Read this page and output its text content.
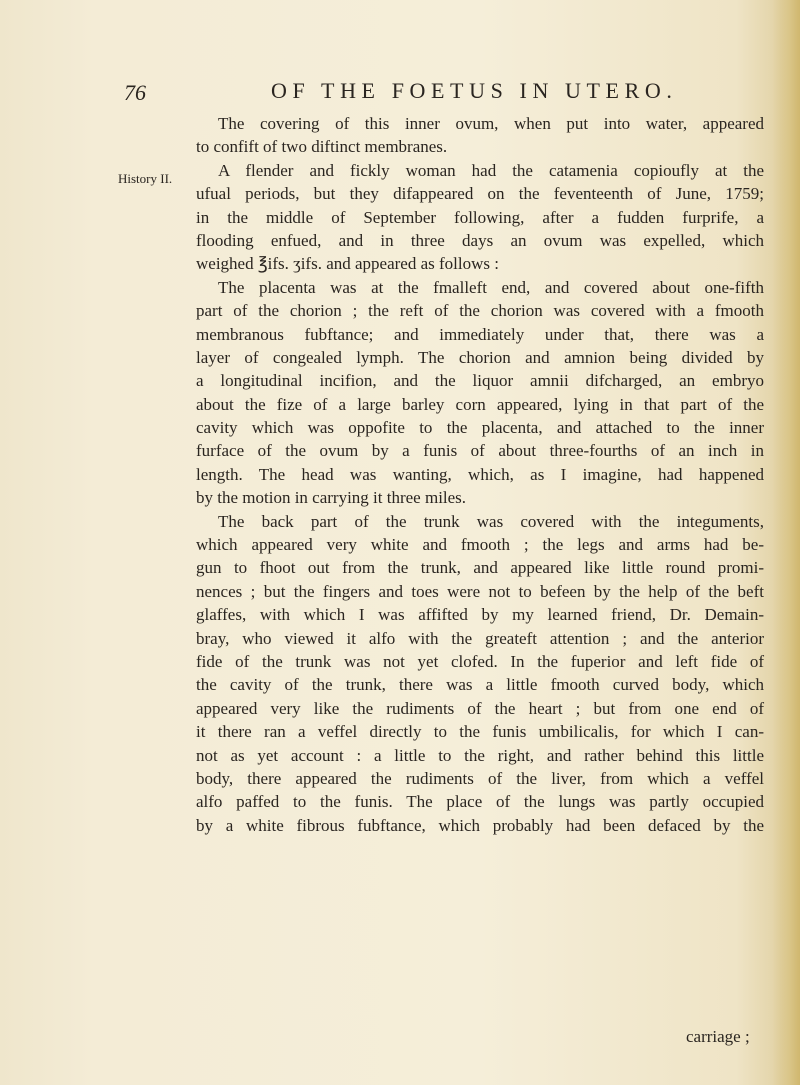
76	OF THE FOETUS IN UTERO.
History II.
The covering of this inner ovum, when put into water, appeared
to confift of two diftinct membranes.
A flender and fickly woman had the catamenia copioufly at the
ufual periods, but they difappeared on the feventeenth of June, 1759;
in the middle of September following, after a fudden furprife, a
flooding enfued, and in three days an ovum was expelled, which
weighed ℥ifs. ʒifs. and appeared as follows :
The placenta was at the fmalleft end, and covered about one-fifth
part of the chorion ; the reft of the chorion was covered with a fmooth
membranous fubftance; and immediately under that, there was a
layer of congealed lymph. The chorion and amnion being divided by
a longitudinal incifion, and the liquor amnii difcharged, an embryo
about the fize of a large barley corn appeared, lying in that part of the
cavity which was oppofite to the placenta, and attached to the inner
furface of the ovum by a funis of about three-fourths of an inch in
length. The head was wanting, which, as I imagine, had happened
by the motion in carrying it three miles.
The back part of the trunk was covered with the integuments,
which appeared very white and fmooth ; the legs and arms had be-
gun to fhoot out from the trunk, and appeared like little round promi-
nences ; but the fingers and toes were not to befeen by the help of the beft
glaffes, with which I was affifted by my learned friend, Dr. Demain-
bray, who viewed it alfo with the greateft attention ; and the anterior
fide of the trunk was not yet clofed. In the fuperior and left fide of
the cavity of the trunk, there was a little fmooth curved body, which
appeared very like the rudiments of the heart ; but from one end of
it there ran a veffel directly to the funis umbilicalis, for which I can-
not as yet account : a little to the right, and rather behind this little
body, there appeared the rudiments of the liver, from which a veffel
alfo paffed to the funis. The place of the lungs was partly occupied
by a white fibrous fubftance, which probably had been defaced by the
carriage ;
